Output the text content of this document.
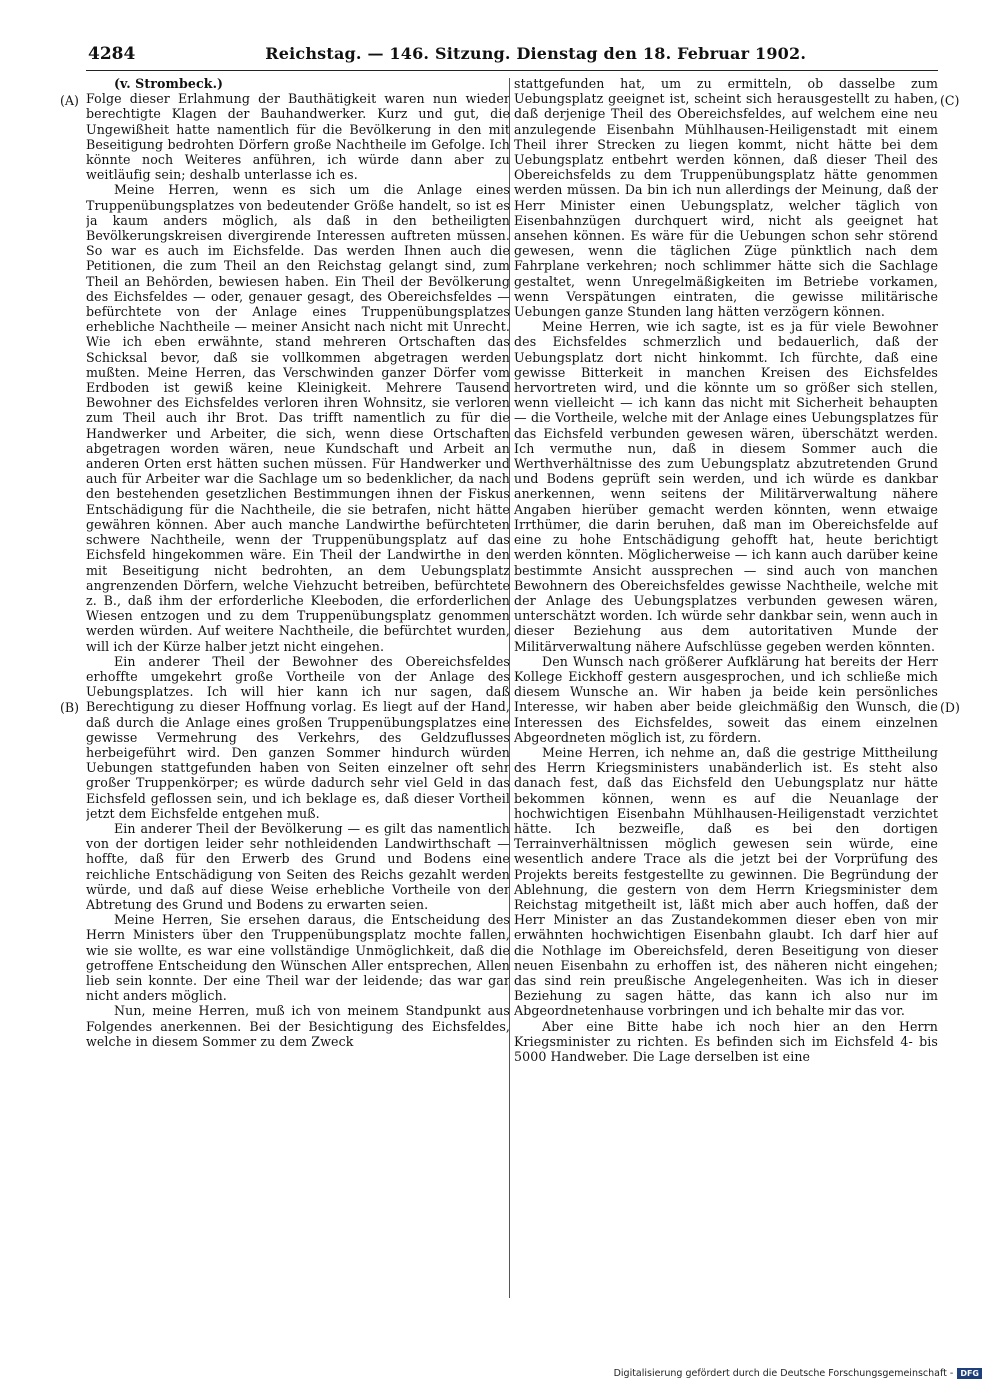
4284	Reichstag. — 146. Sitzung. Dienstag den 18. Februar 1902.
(A)
(B)
(C)
(D)

(v. Strombeck.)

Folge dieser Erlahmung der Bauthätigkeit waren nun wieder berechtigte Klagen der Bauhandwerker. Kurz und gut, die Ungewißheit hatte namentlich für die Bevölkerung in den mit Beseitigung bedrohten Dörfern große Nachtheile im Gefolge. Ich könnte noch Weiteres anführen, ich würde dann aber zu weitläufig sein; deshalb unterlasse ich es.

Meine Herren, wenn es sich um die Anlage eines Truppenübungsplatzes von bedeutender Größe handelt, so ist es ja kaum anders möglich, als daß in den betheiligten Bevölkerungskreisen divergirende Interessen auftreten müssen. So war es auch im Eichsfelde. Das werden Ihnen auch die Petitionen, die zum Theil an den Reichstag gelangt sind, zum Theil an Behörden, bewiesen haben. Ein Theil der Bevölkerung des Eichsfeldes — oder, genauer gesagt, des Obereichsfeldes — befürchtete von der Anlage eines Truppenübungsplatzes erhebliche Nachtheile — meiner Ansicht nach nicht mit Unrecht. Wie ich eben erwähnte, stand mehreren Ortschaften das Schicksal bevor, daß sie vollkommen abgetragen werden mußten. Meine Herren, das Verschwinden ganzer Dörfer vom Erdboden ist gewiß keine Kleinigkeit. Mehrere Tausend Bewohner des Eichsfeldes verloren ihren Wohnsitz, sie verloren zum Theil auch ihr Brot. Das trifft namentlich zu für die Handwerker und Arbeiter, die sich, wenn diese Ortschaften abgetragen worden wären, neue Kundschaft und Arbeit an anderen Orten erst hätten suchen müssen. Für Handwerker und auch für Arbeiter war die Sachlage um so bedenklicher, da nach den bestehenden gesetzlichen Bestimmungen ihnen der Fiskus Entschädigung für die Nachtheile, die sie betrafen, nicht hätte gewähren können. Aber auch manche Landwirthe befürchteten schwere Nachtheile, wenn der Truppenübungsplatz auf das Eichsfeld hingekommen wäre. Ein Theil der Landwirthe in den mit Beseitigung nicht bedrohten, an dem Uebungsplatz angrenzenden Dörfern, welche Viehzucht betreiben, befürchtete z. B., daß ihm der erforderliche Kleeboden, die erforderlichen Wiesen entzogen und zu dem Truppenübungsplatz genommen werden würden. Auf weitere Nachtheile, die befürchtet wurden, will ich der Kürze halber jetzt nicht eingehen.

Ein anderer Theil der Bewohner des Obereichsfeldes erhoffte umgekehrt große Vortheile von der Anlage des Uebungsplatzes. Ich will hier kann ich nur sagen, daß Berechtigung zu dieser Hoffnung vorlag. Es liegt auf der Hand, daß durch die Anlage eines großen Truppenübungsplatzes eine gewisse Vermehrung des Verkehrs, des Geldzuflusses herbeigeführt wird. Den ganzen Sommer hindurch würden Uebungen stattgefunden haben von Seiten einzelner oft sehr großer Truppenkörper; es würde dadurch sehr viel Geld in das Eichsfeld geflossen sein, und ich beklage es, daß dieser Vortheil jetzt dem Eichsfelde entgehen muß.

Ein anderer Theil der Bevölkerung — es gilt das namentlich von der dortigen leider sehr nothleidenden Landwirthschaft — hoffte, daß für den Erwerb des Grund und Bodens eine reichliche Entschädigung von Seiten des Reichs gezahlt werden würde, und daß auf diese Weise erhebliche Vortheile von der Abtretung des Grund und Bodens zu erwarten seien.

Meine Herren, Sie ersehen daraus, die Entscheidung des Herrn Ministers über den Truppenübungsplatz mochte fallen, wie sie wollte, es war eine vollständige Unmöglichkeit, daß die getroffene Entscheidung den Wünschen Aller entsprechen, Allen lieb sein konnte. Der eine Theil war der leidende; das war gar nicht anders möglich.

Nun, meine Herren, muß ich von meinem Standpunkt aus Folgendes anerkennen. Bei der Besichtigung des Eichsfeldes, welche in diesem Sommer zu dem Zweck

stattgefunden hat, um zu ermitteln, ob dasselbe zum Uebungsplatz geeignet ist, scheint sich herausgestellt zu haben, daß derjenige Theil des Obereichsfeldes, auf welchem eine neu anzulegende Eisenbahn Mühlhausen-Heiligenstadt mit einem Theil ihrer Strecken zu liegen kommt, nicht hätte bei dem Uebungsplatz entbehrt werden können, daß dieser Theil des Obereichsfelds zu dem Truppenübungsplatz hätte genommen werden müssen. Da bin ich nun allerdings der Meinung, daß der Herr Minister einen Uebungsplatz, welcher täglich von Eisenbahnzügen durchquert wird, nicht als geeignet hat ansehen können. Es wäre für die Uebungen schon sehr störend gewesen, wenn die täglichen Züge pünktlich nach dem Fahrplane verkehren; noch schlimmer hätte sich die Sachlage gestaltet, wenn Unregelmäßigkeiten im Betriebe vorkamen, wenn Verspätungen eintraten, die gewisse militärische Uebungen ganze Stunden lang hätten verzögern können.

Meine Herren, wie ich sagte, ist es ja für viele Bewohner des Eichsfeldes schmerzlich und bedauerlich, daß der Uebungsplatz dort nicht hinkommt. Ich fürchte, daß eine gewisse Bitterkeit in manchen Kreisen des Eichsfeldes hervortreten wird, und die könnte um so größer sich stellen, wenn vielleicht — ich kann das nicht mit Sicherheit behaupten — die Vortheile, welche mit der Anlage eines Uebungsplatzes für das Eichsfeld verbunden gewesen wären, überschätzt werden. Ich vermuthe nun, daß in diesem Sommer auch die Werthverhältnisse des zum Uebungsplatz abzutretenden Grund und Bodens geprüft sein werden, und ich würde es dankbar anerkennen, wenn seitens der Militärverwaltung nähere Angaben hierüber gemacht werden könnten, wenn etwaige Irrthümer, die darin beruhen, daß man im Obereichsfelde auf eine zu hohe Entschädigung gehofft hat, heute berichtigt werden könnten. Möglicherweise — ich kann auch darüber keine bestimmte Ansicht aussprechen — sind auch von manchen Bewohnern des Obereichsfeldes gewisse Nachtheile, welche mit der Anlage des Uebungsplatzes verbunden gewesen wären, unterschätzt worden. Ich würde sehr dankbar sein, wenn auch in dieser Beziehung aus dem autoritativen Munde der Militärverwaltung nähere Aufschlüsse gegeben werden könnten.

Den Wunsch nach größerer Aufklärung hat bereits der Herr Kollege Eickhoff gestern ausgesprochen, und ich schließe mich diesem Wunsche an. Wir haben ja beide kein persönliches Interesse, wir haben aber beide gleichmäßig den Wunsch, die Interessen des Eichsfeldes, soweit das einem einzelnen Abgeordneten möglich ist, zu fördern.

Meine Herren, ich nehme an, daß die gestrige Mittheilung des Herrn Kriegsministers unabänderlich ist. Es steht also danach fest, daß das Eichsfeld den Uebungsplatz nur hätte bekommen können, wenn es auf die Neuanlage der hochwichtigen Eisenbahn Mühlhausen-Heiligenstadt verzichtet hätte. Ich bezweifle, daß es bei den dortigen Terrainverhältnissen möglich gewesen sein würde, eine wesentlich andere Trace als die jetzt bei der Vorprüfung des Projekts bereits festgestellte zu gewinnen. Die Begründung der Ablehnung, die gestern von dem Herrn Kriegsminister dem Reichstag mitgetheilt ist, läßt mich aber auch hoffen, daß der Herr Minister an das Zustandekommen dieser eben von mir erwähnten hochwichtigen Eisenbahn glaubt. Ich darf hier auf die Nothlage im Obereichsfeld, deren Beseitigung von dieser neuen Eisenbahn zu erhoffen ist, des näheren nicht eingehen; das sind rein preußische Angelegenheiten. Was ich in dieser Beziehung zu sagen hätte, das kann ich also nur im Abgeordnetenhause vorbringen und ich behalte mir das vor.

Aber eine Bitte habe ich noch hier an den Herrn Kriegsminister zu richten. Es befinden sich im Eichsfeld 4- bis 5000 Handweber. Die Lage derselben ist eine

Digitalisierung gefördert durch die Deutsche Forschungsgemeinschaft - DFG
